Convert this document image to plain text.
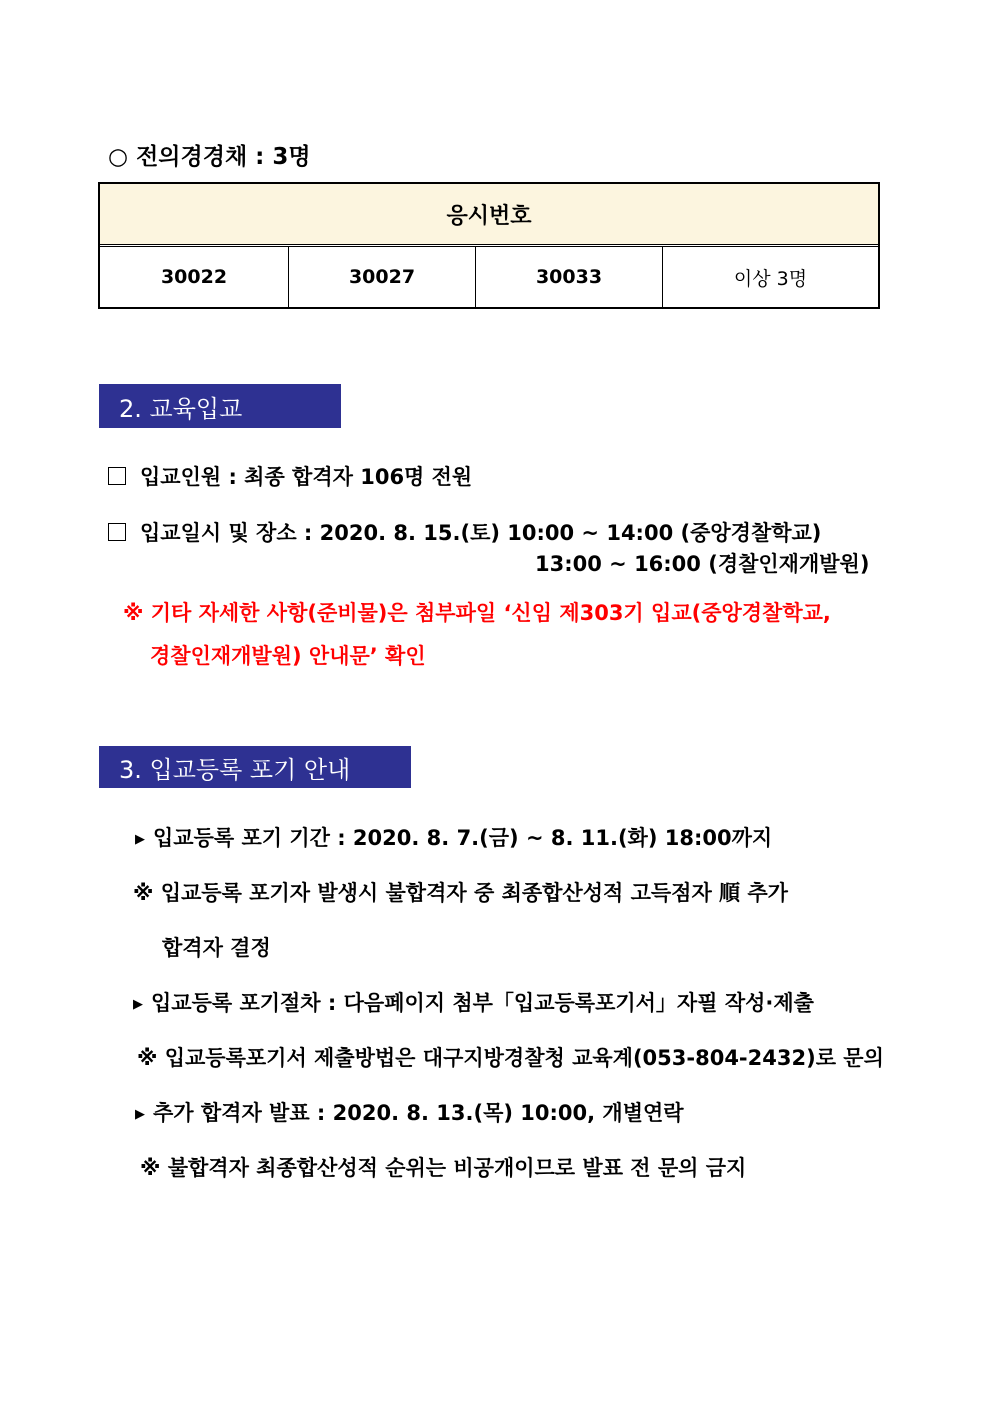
○ 전의경경채 : 3명
응시번호
30022	30027	30033	이상 3명
2. 교육입교
입교인원 : 최종 합격자 106명 전원
입교일시 및 장소 : 2020. 8. 15.(토) 10:00 ~ 14:00 (중앙경찰학교)
13:00 ~ 16:00 (경찰인재개발원)
※ 기타 자세한 사항(준비물)은 첨부파일 ‘신임 제303기 입교(중앙경찰학교,
경찰인재개발원) 안내문’ 확인
3. 입교등록 포기 안내
▶ 입교등록 포기 기간 : 2020. 8. 7.(금) ~ 8. 11.(화) 18:00까지
※ 입교등록 포기자 발생시 불합격자 중 최종합산성적 고득점자 順 추가
합격자 결정
▶ 입교등록 포기절차 : 다음페이지 첨부「입교등록포기서」자필 작성·제출
※ 입교등록포기서 제출방법은 대구지방경찰청 교육계(053-804-2432)로 문의
▶ 추가 합격자 발표 : 2020. 8. 13.(목) 10:00, 개별연락
※ 불합격자 최종합산성적 순위는 비공개이므로 발표 전 문의 금지
